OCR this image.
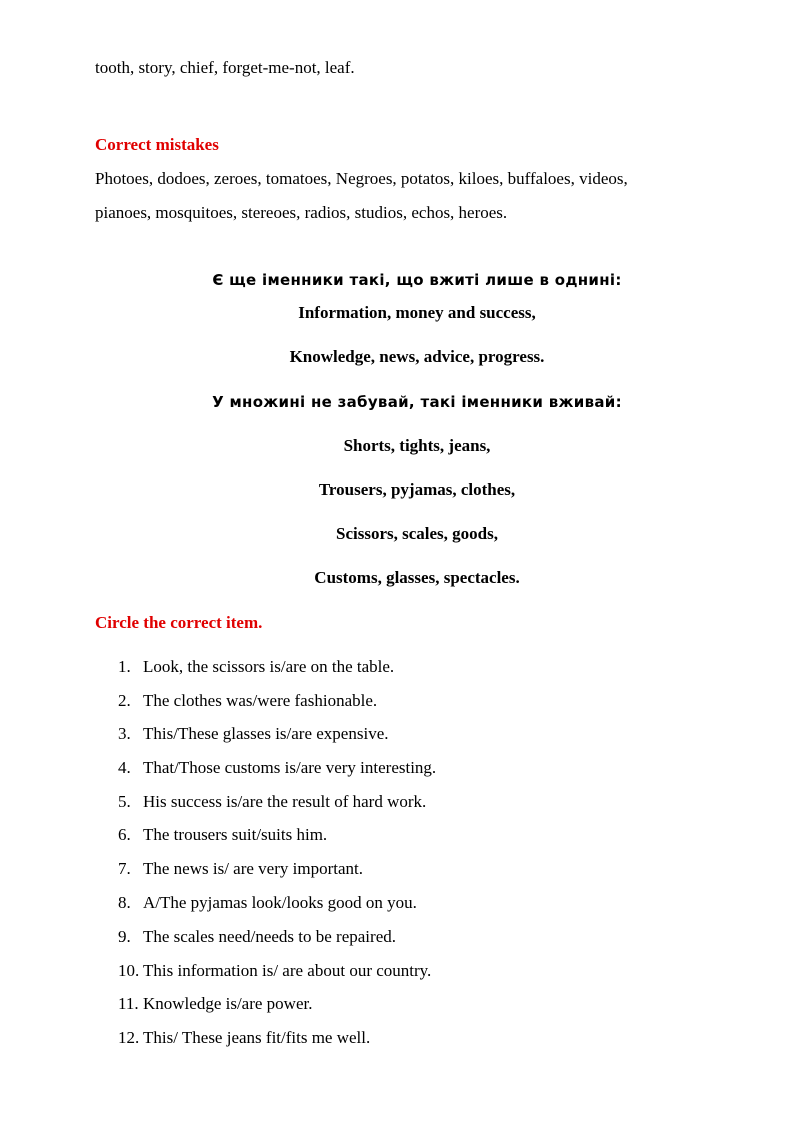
tooth, story, chief, forget-me-not, leaf.
Correct mistakes
Photoes, dodoes, zeroes, tomatoes, Negroes, potatos, kiloes, buffaloes, videos,
pianoes, mosquitoes, stereoes, radios, studios, echos, heroes.
Є ще іменники такі, що вжиті лише в однині:
Information, money and success,
Knowledge, news, advice, progress.
У множині не забувай, такі іменники вживай:
Shorts, tights, jeans,
Trousers, pyjamas, clothes,
Scissors, scales, goods,
Customs, glasses, spectacles.
Circle the correct item.
1. Look, the scissors is/are on the table.
2. The clothes was/were fashionable.
3. This/These glasses is/are expensive.
4. That/Those customs is/are very interesting.
5. His success is/are the result of hard work.
6. The trousers suit/suits him.
7. The news is/ are very important.
8. A/The pyjamas look/looks good on you.
9. The scales need/needs to be repaired.
10. This information is/ are about our country.
11. Knowledge is/are power.
12. This/ These jeans fit/fits me well.
